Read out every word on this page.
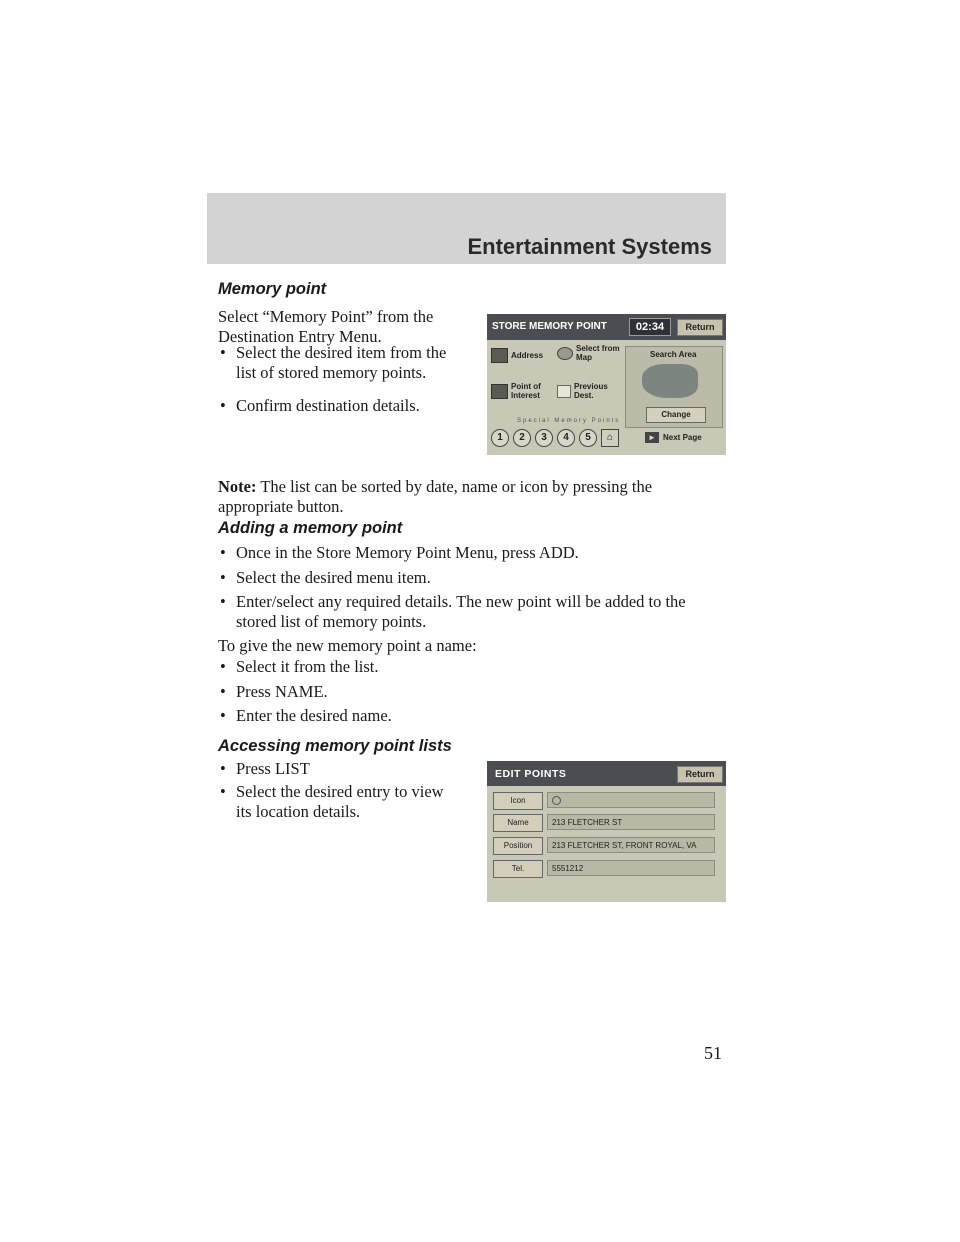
Entertainment Systems
Memory point

Select “Memory Point” from the

Destination Entry Menu.

• Select the desired item from the
list of stored memory points.
• Confirm destination details.
STORE MEMORY POINT	02:34	Return
Address
Select from
Map
Point of
Interest
Previous
Dest.
Search Area
Change
Special Memory Points
1	2	3	4	5	⌂	► Next Page

Note: The list can be sorted by date, name or icon by pressing the

appropriate button.

Adding a memory point
• Once in the Store Memory Point Menu, press ADD.
• Select the desired menu item.
• Enter/select any required details. The new point will be added to the
stored list of memory points.

To give the new memory point a name:

• Select it from the list.
• Press NAME.
• Enter the desired name.
Accessing memory point lists
• Press LIST
• Select the desired entry to view
its location details.
EDIT POINTS	Return
Icon
Name	213 FLETCHER ST
Position	213 FLETCHER ST, FRONT ROYAL, VA
Tel.	5551212
51
